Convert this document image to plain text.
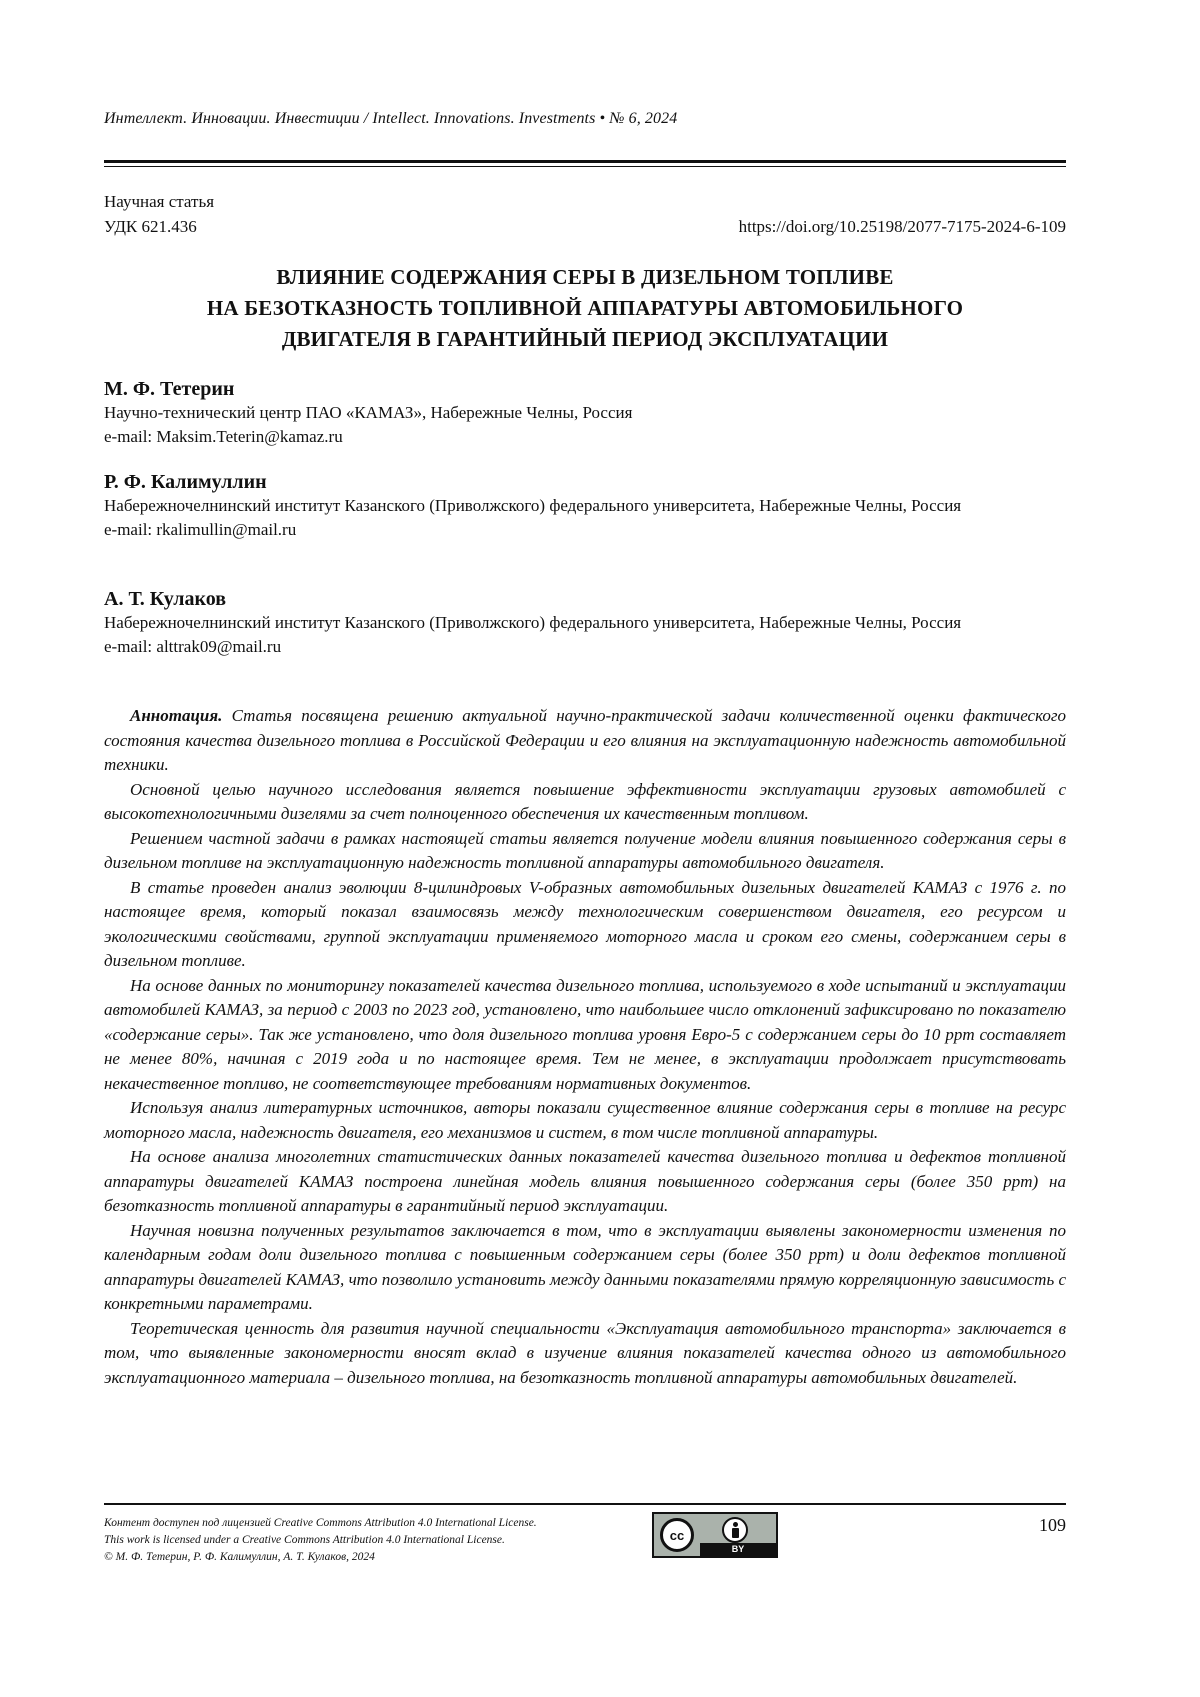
Интеллект. Инновации. Инвестиции / Intellect. Innovations. Investments • № 6, 2024
Научная статья
УДК 621.436	https://doi.org/10.25198/2077-7175-2024-6-109
ВЛИЯНИЕ СОДЕРЖАНИЯ СЕРЫ В ДИЗЕЛЬНОМ ТОПЛИВЕ
НА БЕЗОТКАЗНОСТЬ ТОПЛИВНОЙ АППАРАТУРЫ АВТОМОБИЛЬНОГО
ДВИГАТЕЛЯ В ГАРАНТИЙНЫЙ ПЕРИОД ЭКСПЛУАТАЦИИ

М. Ф. Тетерин

Научно-технический центр ПАО «КАМАЗ», Набережные Челны, Россия

e-mail: Maksim.Teterin@kamaz.ru

Р. Ф. Калимуллин

Набережночелнинский институт Казанского (Приволжского) федерального университета, Набережные Челны, Россия

e-mail: rkalimullin@mail.ru

А. Т. Кулаков

Набережночелнинский институт Казанского (Приволжского) федерального университета, Набережные Челны, Россия

e-mail: alttrak09@mail.ru

Аннотация. Статья посвящена решению актуальной научно-практической задачи количественной оценки фактического состояния качества дизельного топлива в Российской Федерации и его влияния на эксплуатационную надежность автомобильной техники.

Основной целью научного исследования является повышение эффективности эксплуатации грузовых автомобилей с высокотехнологичными дизелями за счет полноценного обеспечения их качественным топливом.

Решением частной задачи в рамках настоящей статьи является получение модели влияния повышенного содержания серы в дизельном топливе на эксплуатационную надежность топливной аппаратуры автомобильного двигателя.

В статье проведен анализ эволюции 8-цилиндровых V-образных автомобильных дизельных двигателей КАМАЗ с 1976 г. по настоящее время, который показал взаимосвязь между технологическим совершенством двигателя, его ресурсом и экологическими свойствами, группой эксплуатации применяемого моторного масла и сроком его смены, содержанием серы в дизельном топливе.

На основе данных по мониторингу показателей качества дизельного топлива, используемого в ходе испытаний и эксплуатации автомобилей КАМАЗ, за период с 2003 по 2023 год, установлено, что наибольшее число отклонений зафиксировано по показателю «содержание серы». Так же установлено, что доля дизельного топлива уровня Евро-5 с содержанием серы до 10 ppm составляет не менее 80%, начиная с 2019 года и по настоящее время. Тем не менее, в эксплуатации продолжает присутствовать некачественное топливо, не соответствующее требованиям нормативных документов.

Используя анализ литературных источников, авторы показали существенное влияние содержания серы в топливе на ресурс моторного масла, надежность двигателя, его механизмов и систем, в том числе топливной аппаратуры.

На основе анализа многолетних статистических данных показателей качества дизельного топлива и дефектов топливной аппаратуры двигателей КАМАЗ построена линейная модель влияния повышенного содержания серы (более 350 ppm) на безотказность топливной аппаратуры в гарантийный период эксплуатации.

Научная новизна полученных результатов заключается в том, что в эксплуатации выявлены закономерности изменения по календарным годам доли дизельного топлива с повышенным содержанием серы (более 350 ppm) и доли дефектов топливной аппаратуры двигателей КАМАЗ, что позволило установить между данными показателями прямую корреляционную зависимость с конкретными параметрами.

Теоретическая ценность для развития научной специальности «Эксплуатация автомобильного транспорта» заключается в том, что выявленные закономерности вносят вклад в изучение влияния показателей качества одного из автомобильного эксплуатационного материала – дизельного топлива, на безотказность топливной аппаратуры автомобильных двигателей.

Контент доступен под лицензией Creative Commons Attribution 4.0 International License.
This work is licensed under a Creative Commons Attribution 4.0 International License.
© М. Ф. Тетерин, Р. Ф. Калимуллин, А. Т. Кулаков, 2024
cc
BY
109
